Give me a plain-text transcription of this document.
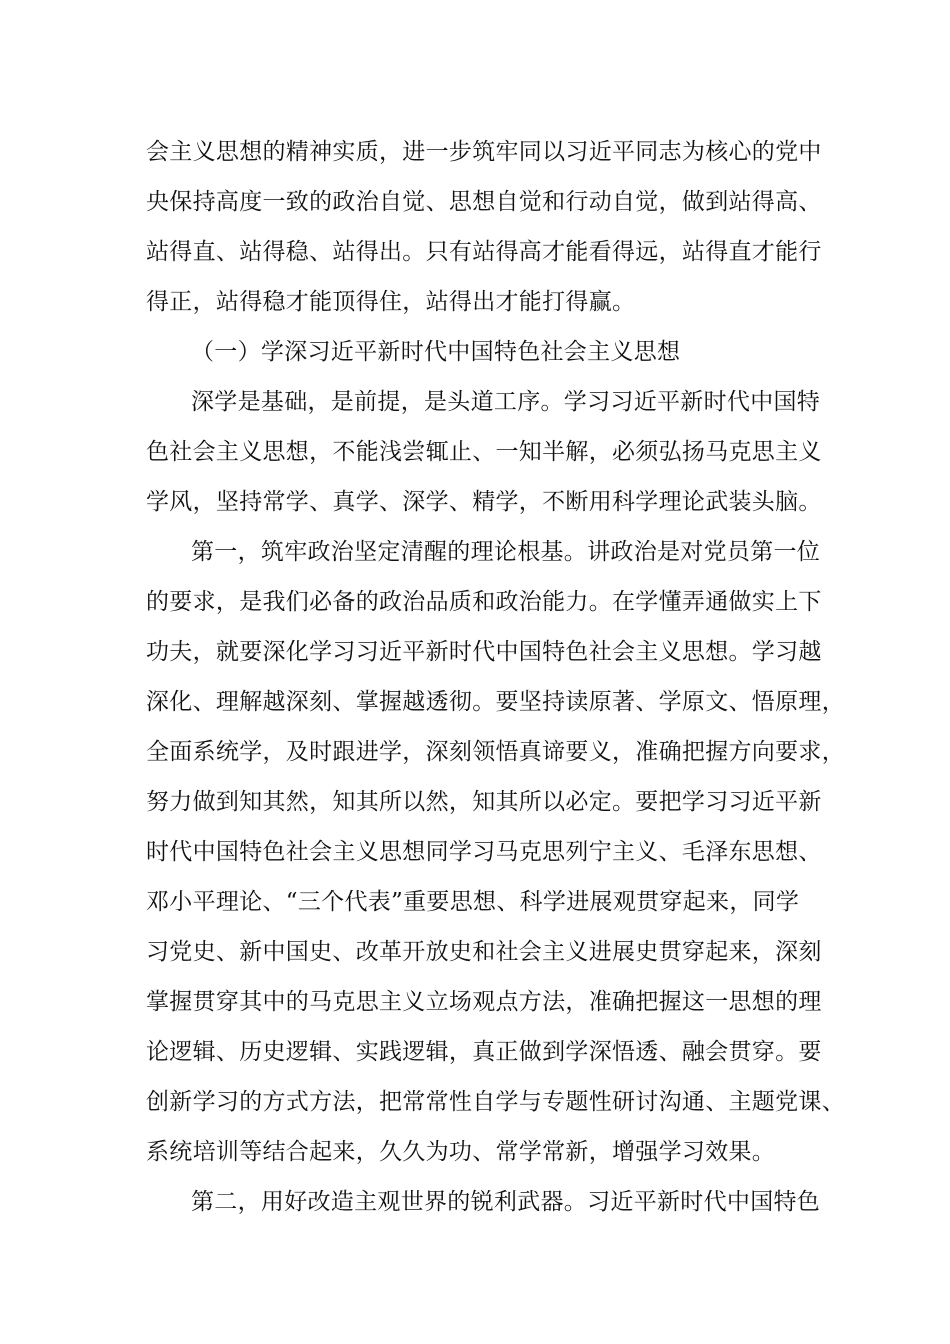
会主义思想的精神实质，进一步筑牢同以习近平同志为核心的党中
央保持高度一致的政治自觉、思想自觉和行动自觉，做到站得高、
站得直、站得稳、站得出。只有站得高才能看得远，站得直才能行
得正，站得稳才能顶得住，站得出才能打得赢。
（一）学深习近平新时代中国特色社会主义思想
深学是基础，是前提，是头道工序。学习习近平新时代中国特
色社会主义思想，不能浅尝辄止、一知半解，必须弘扬马克思主义
学风，坚持常学、真学、深学、精学，不断用科学理论武装头脑。
第一，筑牢政治坚定清醒的理论根基。讲政治是对党员第一位
的要求，是我们必备的政治品质和政治能力。在学懂弄通做实上下
功夫，就要深化学习习近平新时代中国特色社会主义思想。学习越
深化、理解越深刻、掌握越透彻。要坚持读原著、学原文、悟原理，
全面系统学，及时跟进学，深刻领悟真谛要义，准确把握方向要求，
努力做到知其然，知其所以然，知其所以必定。要把学习习近平新
时代中国特色社会主义思想同学习马克思列宁主义、毛泽东思想、
邓小平理论、“三个代表”重要思想、科学进展观贯穿起来，同学
习党史、新中国史、改革开放史和社会主义进展史贯穿起来，深刻
掌握贯穿其中的马克思主义立场观点方法，准确把握这一思想的理
论逻辑、历史逻辑、实践逻辑，真正做到学深悟透、融会贯穿。要
创新学习的方式方法，把常常性自学与专题性研讨沟通、主题党课、
系统培训等结合起来，久久为功、常学常新，增强学习效果。
第二，用好改造主观世界的锐利武器。习近平新时代中国特色
